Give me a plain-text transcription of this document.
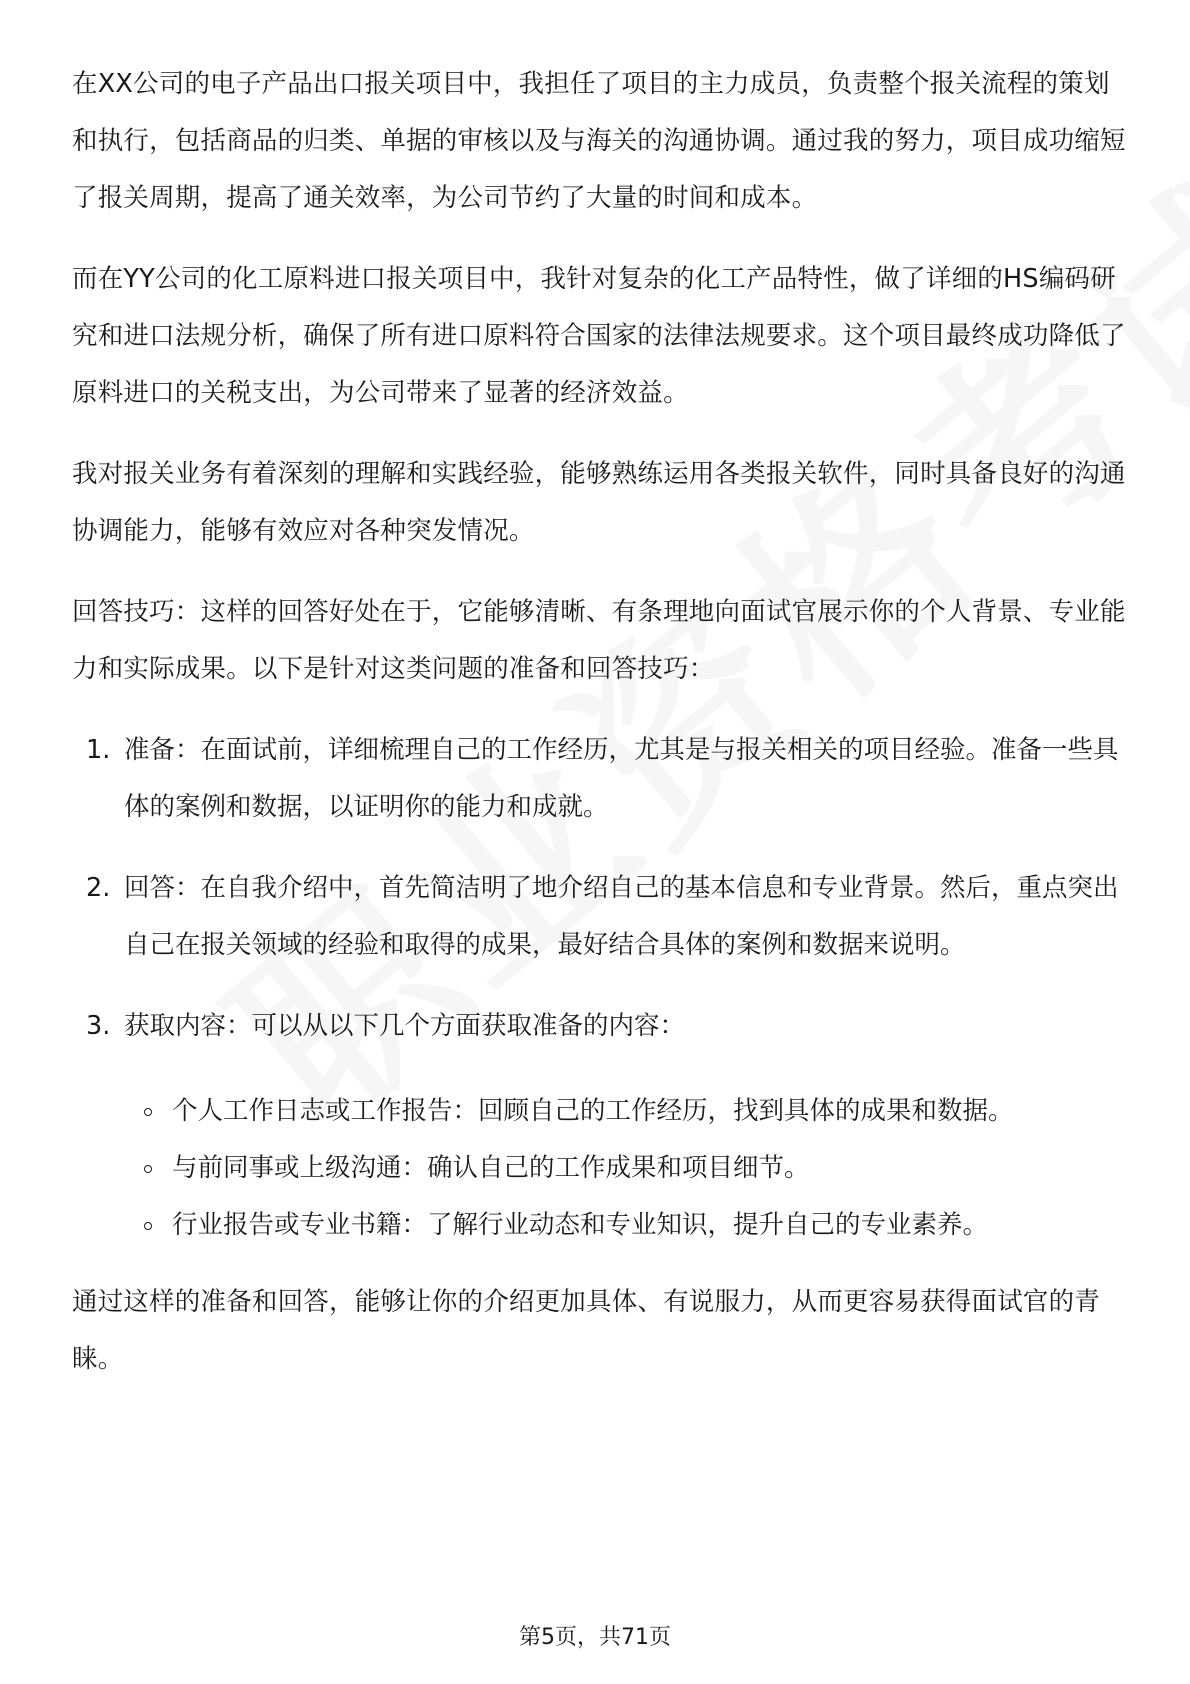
在XX公司的电子产品出口报关项目中，我担任了项目的主力成员，负责整个报关流程的策划和执行，包括商品的归类、单据的审核以及与海关的沟通协调。通过我的努力，项目成功缩短了报关周期，提高了通关效率，为公司节约了大量的时间和成本。

而在YY公司的化工原料进口报关项目中，我针对复杂的化工产品特性，做了详细的HS编码研究和进口法规分析，确保了所有进口原料符合国家的法律法规要求。这个项目最终成功降低了原料进口的关税支出，为公司带来了显著的经济效益。

我对报关业务有着深刻的理解和实践经验，能够熟练运用各类报关软件，同时具备良好的沟通协调能力，能够有效应对各种突发情况。

回答技巧：这样的回答好处在于，它能够清晰、有条理地向面试官展示你的个人背景、专业能力和实际成果。以下是针对这类问题的准备和回答技巧：

1. 准备：在面试前，详细梳理自己的工作经历，尤其是与报关相关的项目经验。准备一些具体的案例和数据，以证明你的能力和成就。
2. 回答：在自我介绍中，首先简洁明了地介绍自己的基本信息和专业背景。然后，重点突出自己在报关领域的经验和取得的成果，最好结合具体的案例和数据来说明。
3. 获取内容：可以从以下几个方面获取准备的内容：
个人工作日志或工作报告：回顾自己的工作经历，找到具体的成果和数据。
与前同事或上级沟通：确认自己的工作成果和项目细节。
行业报告或专业书籍：了解行业动态和专业知识，提升自己的专业素养。

通过这样的准备和回答，能够让你的介绍更加具体、有说服力，从而更容易获得面试官的青睐。

第5页，共71页
